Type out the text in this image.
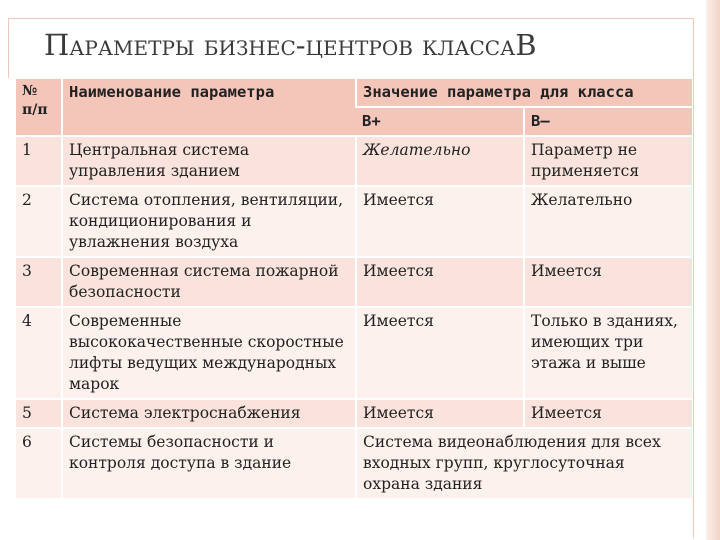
Параметры бизнес-центров классаВ
№ п/п	Наименование параметра	Значение параметра для класса	
		В+	В–
1	Центральная система управления зданием	Желательно	Параметр не применяется
2	Система отопления, вентиляции, кондиционирования и увлажнения воздуха	Имеется	Желательно
3	Современная система пожарной безопасности	Имеется	Имеется
4	Современные высококачественные скоростные лифты ведущих международных марок	Имеется	Только в зданиях, имеющих три этажа и выше
5	Система электроснабжения	Имеется	Имеется
6	Системы безопасности и контроля доступа в здание	Система видеонаблюдения для всех входных групп, круглосуточная охрана здания	
